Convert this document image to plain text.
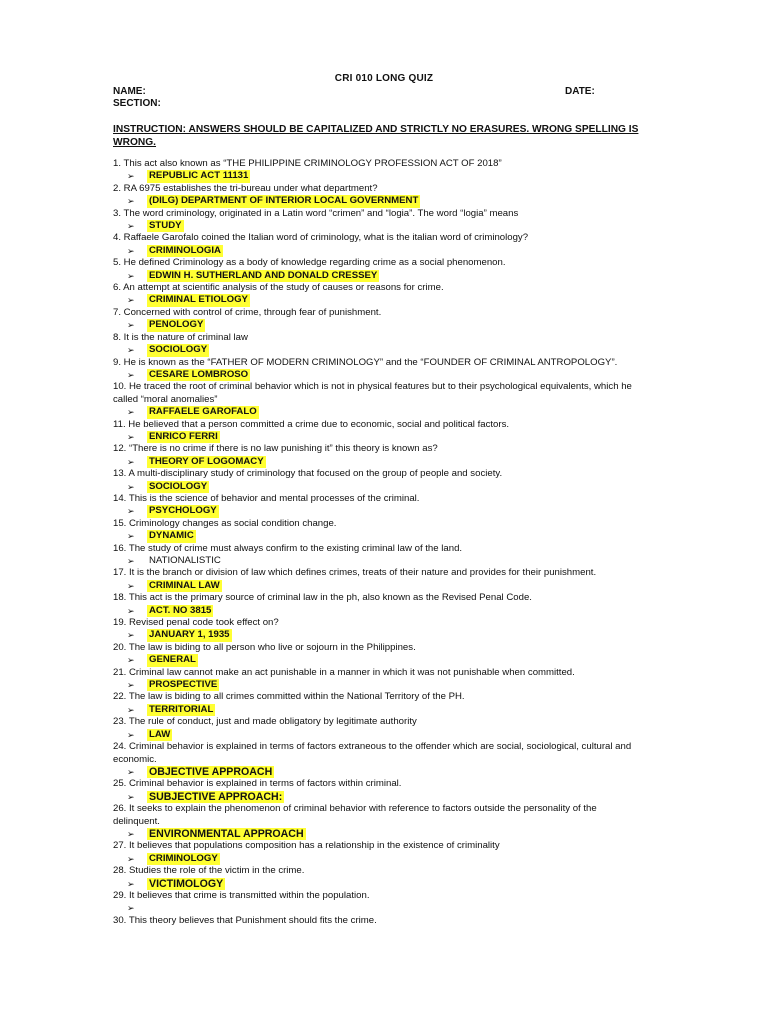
CRI 010 LONG QUIZ
NAME:	DATE:
SECTION:
INSTRUCTION: ANSWERS SHOULD BE CAPITALIZED AND STRICTLY NO ERASURES. WRONG SPELLING IS WRONG.
1. This act also known as “THE PHILIPPINE CRIMINOLOGY PROFESSION ACT OF 2018”
➢	REPUBLIC ACT 11131
2. RA 6975 establishes the tri-bureau under what department?
➢	(DILG) DEPARTMENT OF INTERIOR LOCAL GOVERNMENT
3. The word criminology, originated in a Latin word “crimen” and “logia”. The word “logia” means
➢	STUDY
4. Raffaele Garofalo coined the Italian word of criminology, what is the italian word of criminology?
➢	CRIMINOLOGIA
5. He defined Criminology as a body of knowledge regarding crime as a social phenomenon.
➢	EDWIN H. SUTHERLAND AND DONALD CRESSEY
6. An attempt at scientific analysis of the study of causes or reasons for crime.
➢	CRIMINAL ETIOLOGY
7. Concerned with control of crime, through fear of punishment.
➢	PENOLOGY
8. It is the nature of criminal law
➢	SOCIOLOGY
9. He is known as the “FATHER OF MODERN CRIMINOLOGY” and the “FOUNDER OF CRIMINAL ANTROPOLOGY”.
➢	CESARE LOMBROSO
10. He traced the root of criminal behavior which is not in physical features but to their psychological equivalents, which he called “moral anomalies”
➢	RAFFAELE GAROFALO
11. He believed that a person committed a crime due to economic, social and political factors.
➢	ENRICO FERRI
12. “There is no crime if there is no law punishing it” this theory is known as?
➢	THEORY OF LOGOMACY
13. A multi-disciplinary study of criminology that focused on the group of people and society.
➢	SOCIOLOGY
14. This is the science of behavior and mental processes of the criminal.
➢	PSYCHOLOGY
15. Criminology changes as social condition change.
➢	DYNAMIC
16. The study of crime must always confirm to the existing criminal law of the land.
➢	NATIONALISTIC
17. It is the branch or division of law which defines crimes, treats of their nature and provides for their punishment.
➢	CRIMINAL LAW
18. This act is the primary source of criminal law in the ph, also known as the Revised Penal Code.
➢	ACT. NO 3815
19. Revised penal code took effect on?
➢	JANUARY 1, 1935
20. The law is biding to all person who live or sojourn in the Philippines.
➢	GENERAL
21. Criminal law cannot make an act punishable in a manner in which it was not punishable when committed.
➢	PROSPECTIVE
22. The law is biding to all crimes committed within the National Territory of the PH.
➢	TERRITORIAL
23. The rule of conduct, just and made obligatory by legitimate authority
➢	LAW
24. Criminal behavior is explained in terms of factors extraneous to the offender which are social, sociological, cultural and economic.
➢	OBJECTIVE APPROACH
25. Criminal behavior is explained in terms of factors within criminal.
➢	SUBJECTIVE APPROACH:
26. It seeks to explain the phenomenon of criminal behavior with reference to factors outside the personality of the delinquent.
➢	ENVIRONMENTAL APPROACH
27. It believes that populations composition has a relationship in the existence of criminality
➢	CRIMINOLOGY
28. Studies the role of the victim in the crime.
➢	VICTIMOLOGY
29. It believes that crime is transmitted within the population.
➢
30. This theory believes that Punishment should fits the crime.
